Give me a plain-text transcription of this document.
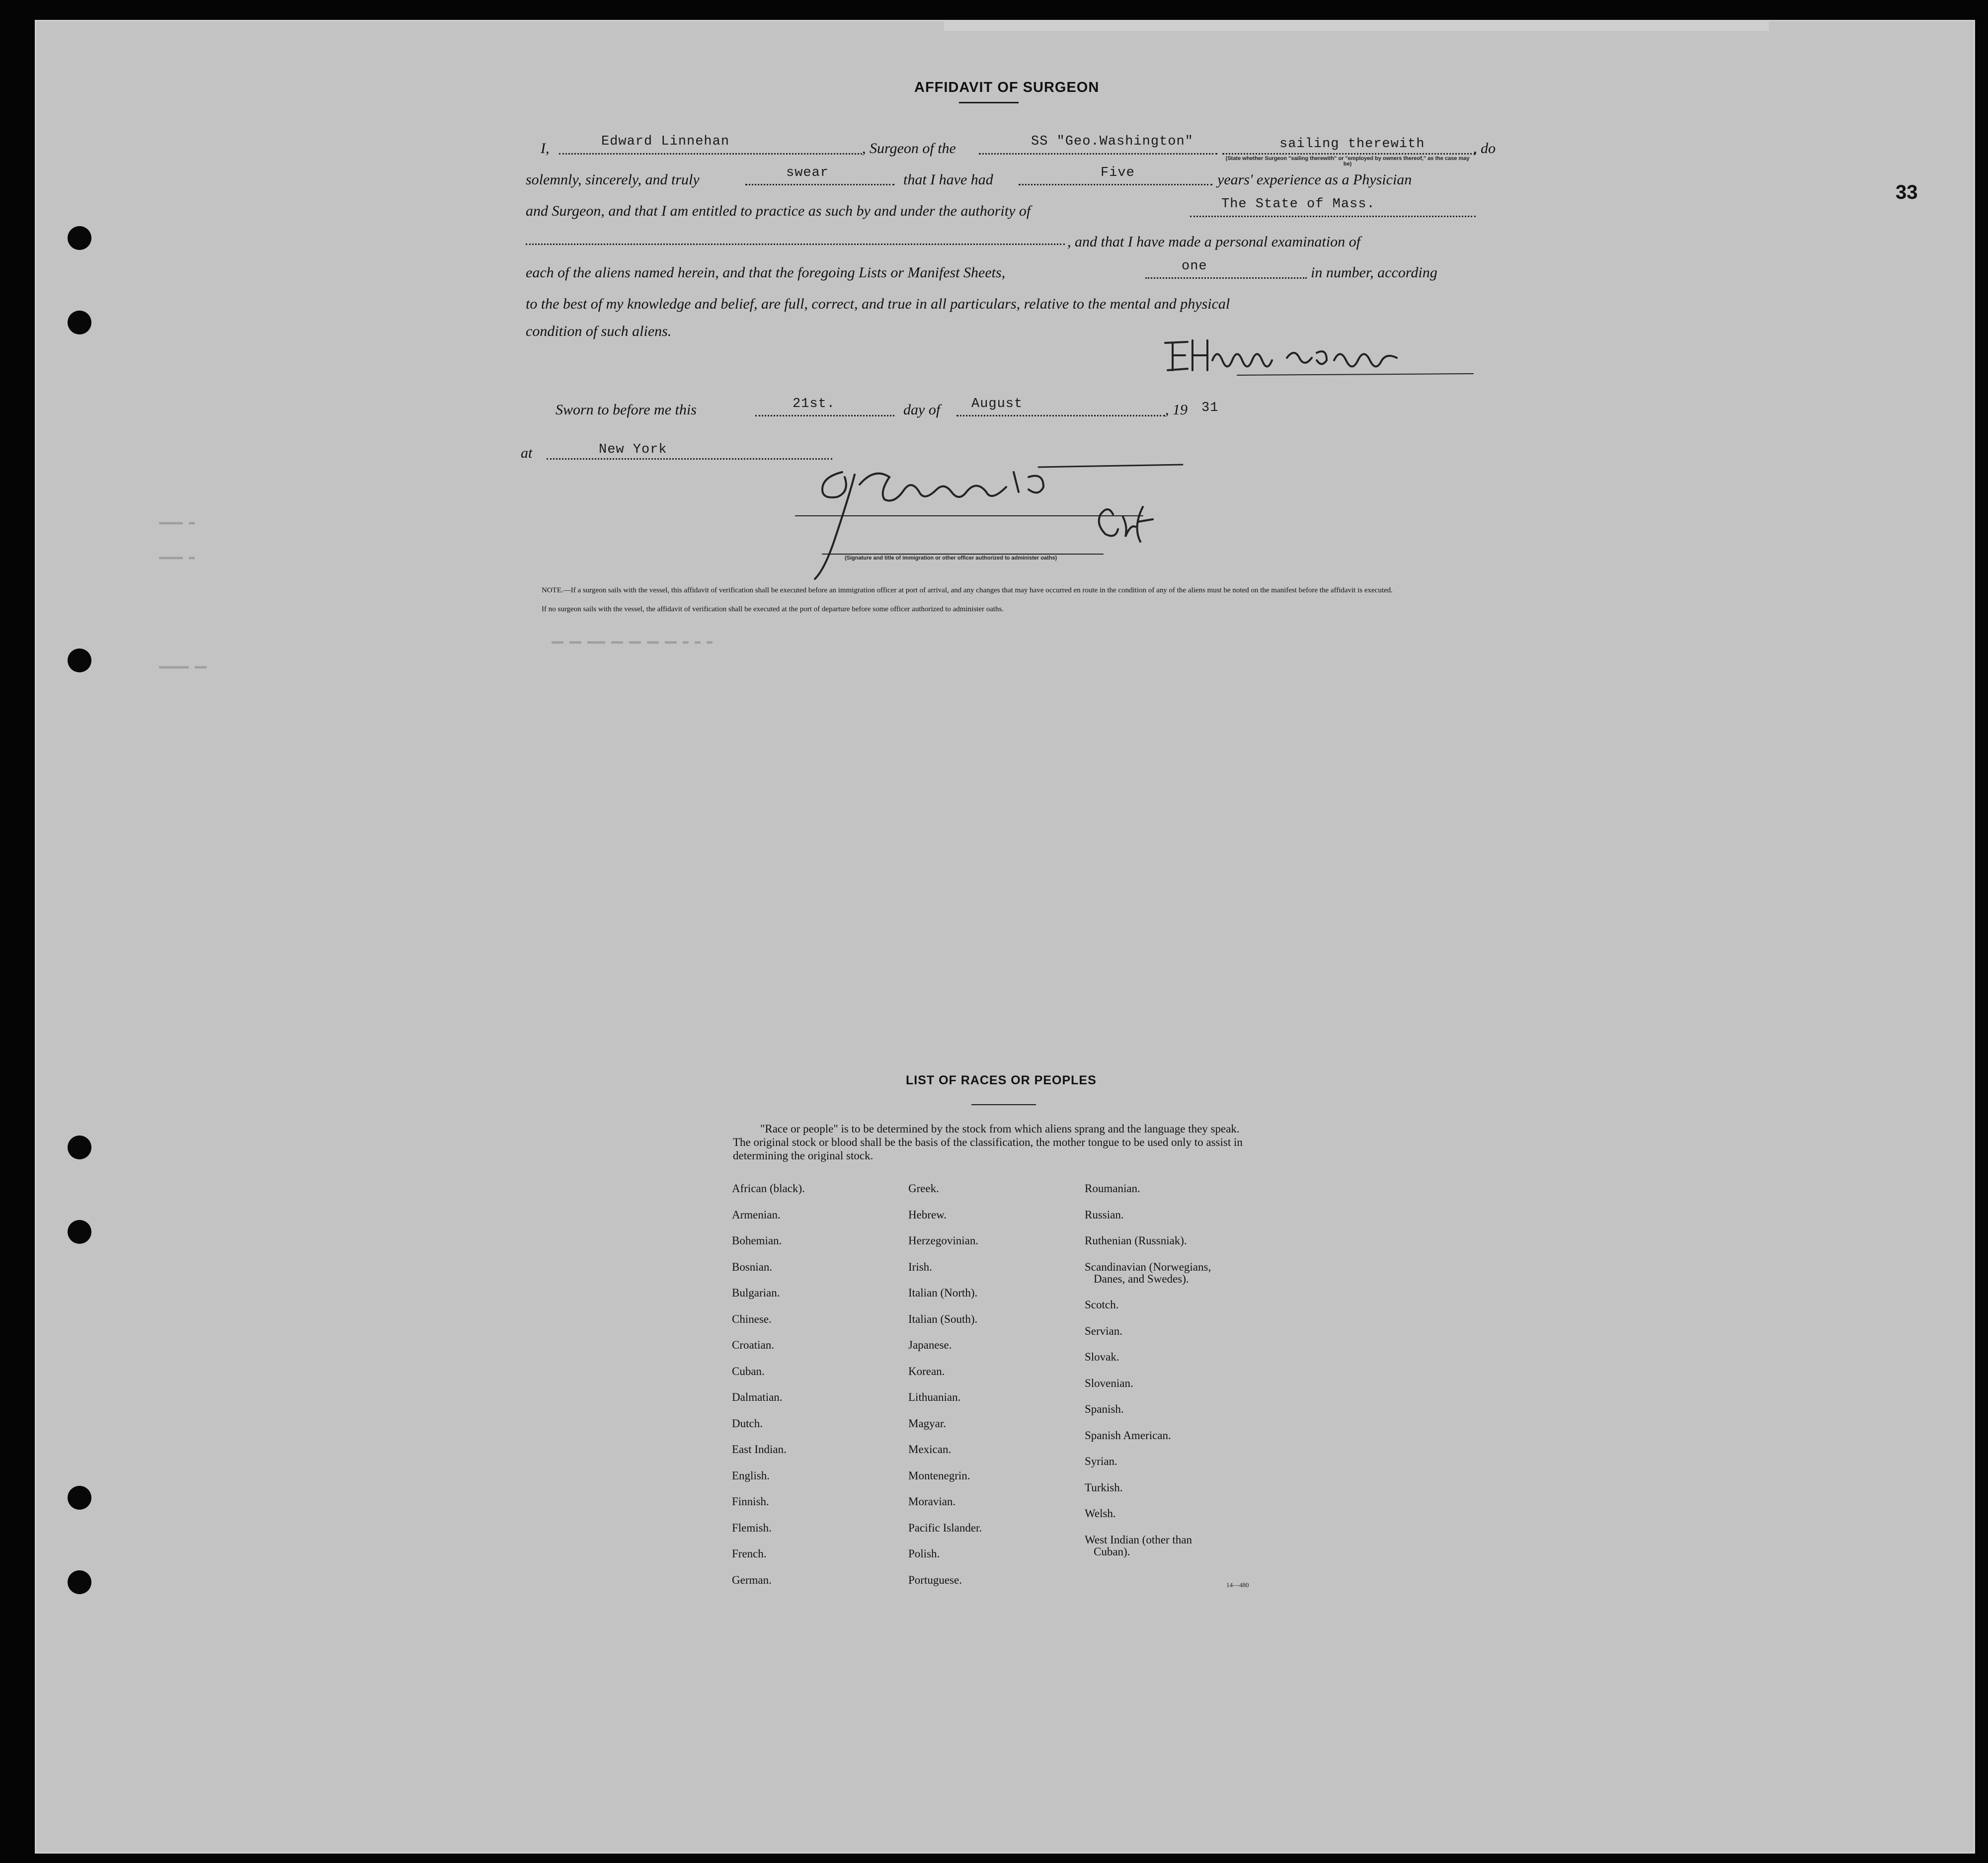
▬▬▬▬ ▬
▬▬▬▬ ▬
▬▬▬▬▬ ▬▬
▬▬ ▬▬ ▬▬▬ ▬▬ ▬▬ ▬▬ ▬▬ ▬ ▬ ▬
33
AFFIDAVIT OF SURGEON
I,	Edward Linnehan	, Surgeon of the	SS "Geo.Washington"	sailing therewith	, do
(State whether Surgeon "sailing therewith" or "employed by owners thereof," as the case may be)
solemnly, sincerely, and truly	swear	that I have had	Five	years' experience as a Physician
and Surgeon, and that I am entitled to practice as such by and under the authority of	The State of Mass.
, and that I have made a personal examination of
each of the aliens named herein, and that the foregoing Lists or Manifest Sheets,	one	in number, according
to the best of my knowledge and belief, are full, correct, and true in all particulars, relative to the mental and physical
condition of such aliens.
Sworn to before me this	21st.	day of August	, 19 31
at	New York
(Signature and title of immigration or other officer authorized to administer oaths)
NOTE.—If a surgeon sails with the vessel, this affidavit of verification shall be executed before an immigration officer at port of arrival, and any changes that may have occurred en route in the condition of any of the aliens must be noted on the manifest before the affidavit is executed.
If no surgeon sails with the vessel, the affidavit of verification shall be executed at the port of departure before some officer authorized to administer oaths.
LIST OF RACES OR PEOPLES
"Race or people" is to be determined by the stock from which aliens sprang and the language they speak. The original stock or blood shall be the basis of the classification, the mother tongue to be used only to assist in determining the original stock.
African (black).
Armenian.
Bohemian.
Bosnian.
Bulgarian.
Chinese.
Croatian.
Cuban.
Dalmatian.
Dutch.
East Indian.
English.
Finnish.
Flemish.
French.
German.
Greek.
Hebrew.
Herzegovinian.
Irish.
Italian (North).
Italian (South).
Japanese.
Korean.
Lithuanian.
Magyar.
Mexican.
Montenegrin.
Moravian.
Pacific Islander.
Polish.
Portuguese.
Roumanian.
Russian.
Ruthenian (Russniak).
Scandinavian (Norwegians,
Danes, and Swedes).
Scotch.
Servian.
Slovak.
Slovenian.
Spanish.
Spanish American.
Syrian.
Turkish.
Welsh.
West Indian (other than
Cuban).
14—480
